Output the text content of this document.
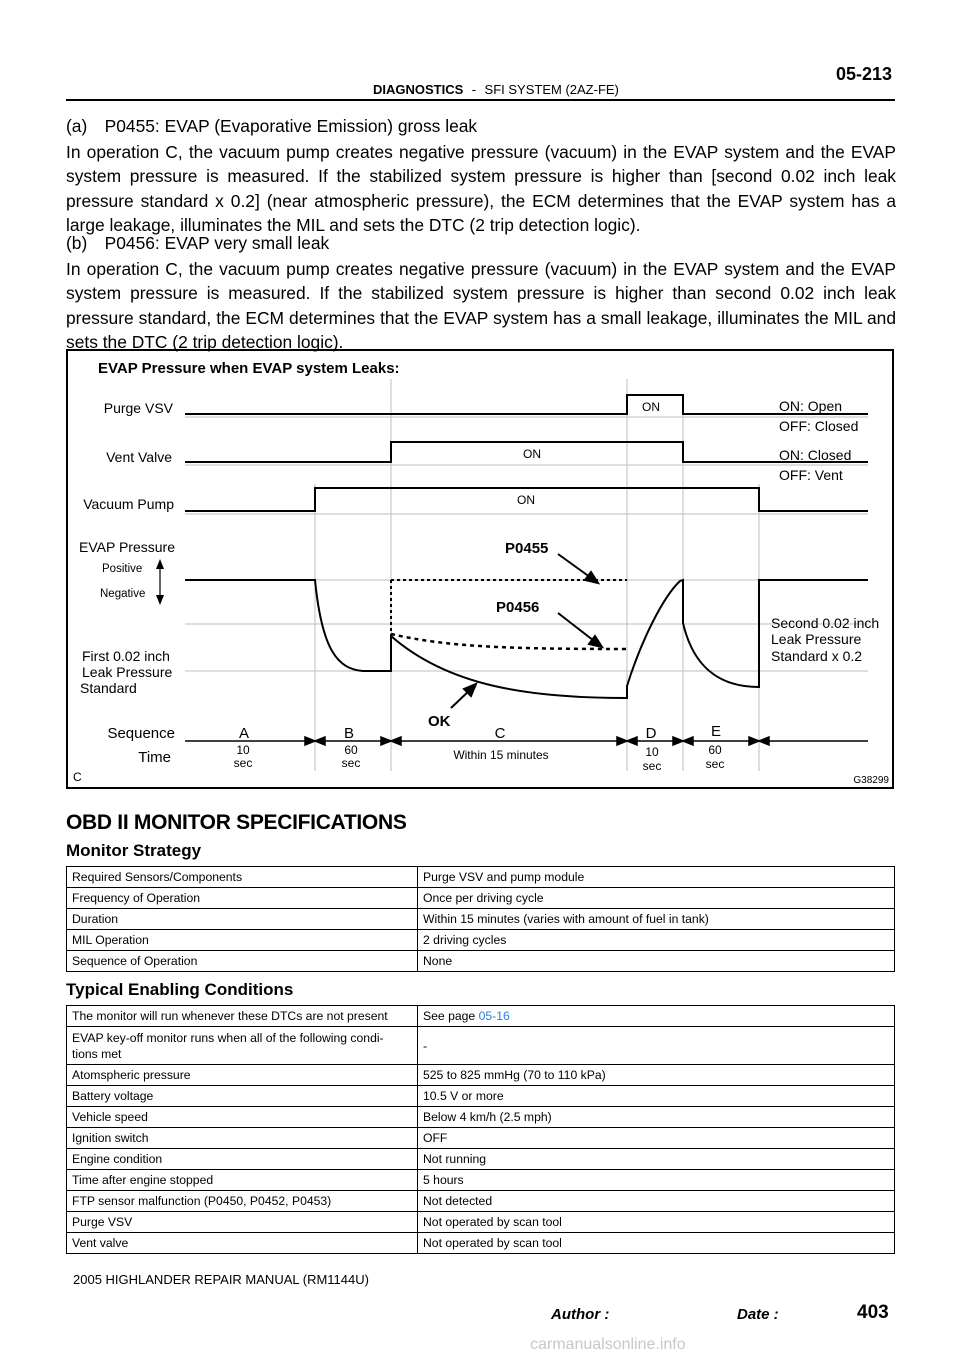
05-213
DIAGNOSTICS - SFI SYSTEM (2AZ-FE)
(a) P0455: EVAP (Evaporative Emission) gross leak
In operation C, the vacuum pump creates negative pressure (vacuum) in the EVAP system and the EVAP system pressure is measured. If the stabilized system pressure is higher than [second 0.02 inch leak pressure standard x 0.2] (near atmospheric pressure), the ECM determines that the EVAP system has a large leakage, illuminates the MIL and sets the DTC (2 trip detection logic).
(b) P0456: EVAP very small leak
In operation C, the vacuum pump creates negative pressure (vacuum) in the EVAP system and the EVAP system pressure is measured. If the stabilized system pressure is higher than second 0.02 inch leak pressure standard, the ECM determines that the EVAP system has a small leakage, illuminates the MIL and sets the DTC (2 trip detection logic).
EVAP Pressure when EVAP system Leaks:
Purge VSV
Vent Valve
Vacuum Pump
EVAP Pressure
Positive
Negative
First 0.02 inch
Leak Pressure
Standard
Sequence
Time
C	G38299
ON
ON
ON
ON: Open
OFF: Closed
ON: Closed
OFF: Vent
Second 0.02 inch
Leak Pressure
Standard x 0.2
P0455
P0456
OK
A	B	C	D	E
10
sec
60
sec
Within 15 minutes	10
sec
60
sec
OBD II MONITOR SPECIFICATIONS
Monitor Strategy
Required Sensors/Components	Purge VSV and pump module
Frequency of Operation	Once per driving cycle
Duration	Within 15 minutes (varies with amount of fuel in tank)
MIL Operation	2 driving cycles
Sequence of Operation	None
Typical Enabling Conditions
The monitor will run whenever these DTCs are not present	See page 05-16
EVAP key-off monitor runs when all of the following condi-
tions met	-
Atomspheric pressure	525 to 825 mmHg (70 to 110 kPa)
Battery voltage	10.5 V or more
Vehicle speed	Below 4 km/h (2.5 mph)
Ignition switch	OFF
Engine condition	Not running
Time after engine stopped	5 hours
FTP sensor malfunction (P0450, P0452, P0453)	Not detected
Purge VSV	Not operated by scan tool
Vent valve	Not operated by scan tool
2005 HIGHLANDER REPAIR MANUAL (RM1144U)
Author :	Date :	403
carmanualsonline.info
